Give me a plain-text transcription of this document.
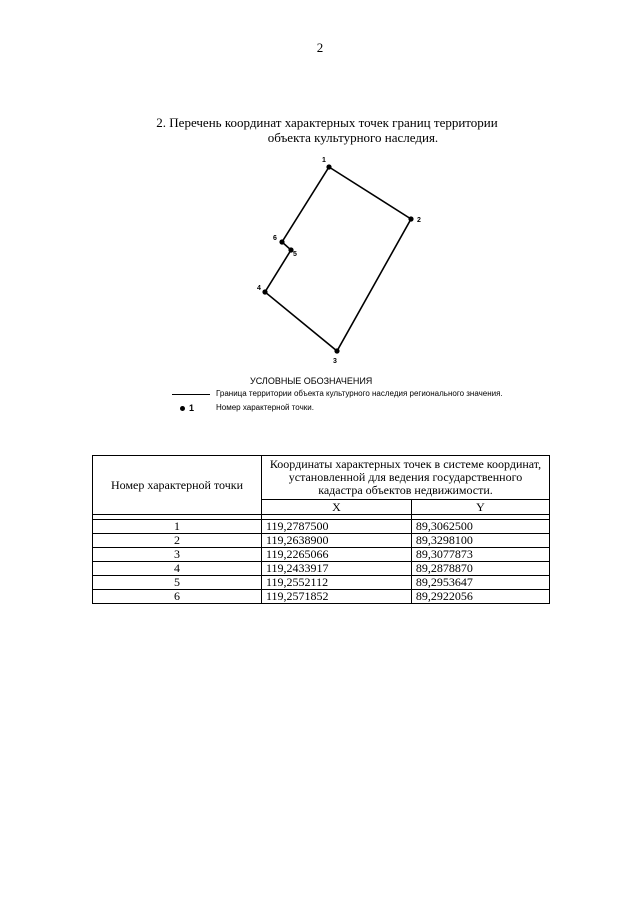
2
2. Перечень координат характерных точек границ территории
объекта культурного наследия.
1
2
3
4
5
6
УСЛОВНЫЕ ОБОЗНАЧЕНИЯ
Граница территории объекта культурного наследия регионального значения.
1	Номер характерной точки.
Номер характерной точки	Координаты характерных точек в системе координат, установленной для ведения государственного кадастра объектов недвижимости.	
	X	Y

1	119,2787500	89,3062500
2	119,2638900	89,3298100
3	119,2265066	89,3077873
4	119,2433917	89,2878870
5	119,2552112	89,2953647
6	119,2571852	89,2922056
